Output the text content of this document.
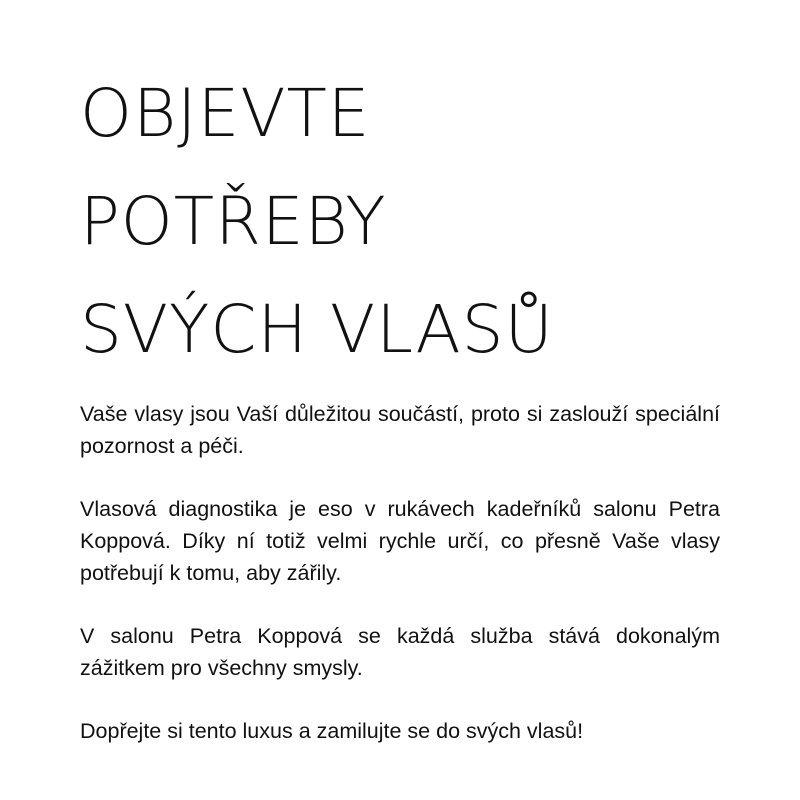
OBJEVTE
POTŘEBY
SVÝCH VLASŮ

Vaše vlasy jsou Vaší důležitou součástí, proto si zaslouží speciální pozornost a péči.

Vlasová diagnostika je eso v rukávech kadeřníků salonu Petra Koppová. Díky ní totiž velmi rychle určí, co přesně Vaše vlasy potřebují k tomu, aby zářily.

V salonu Petra Koppová se každá služba stává dokonalým zážitkem pro všechny smysly.

Dopřejte si tento luxus a zamilujte se do svých vlasů!
